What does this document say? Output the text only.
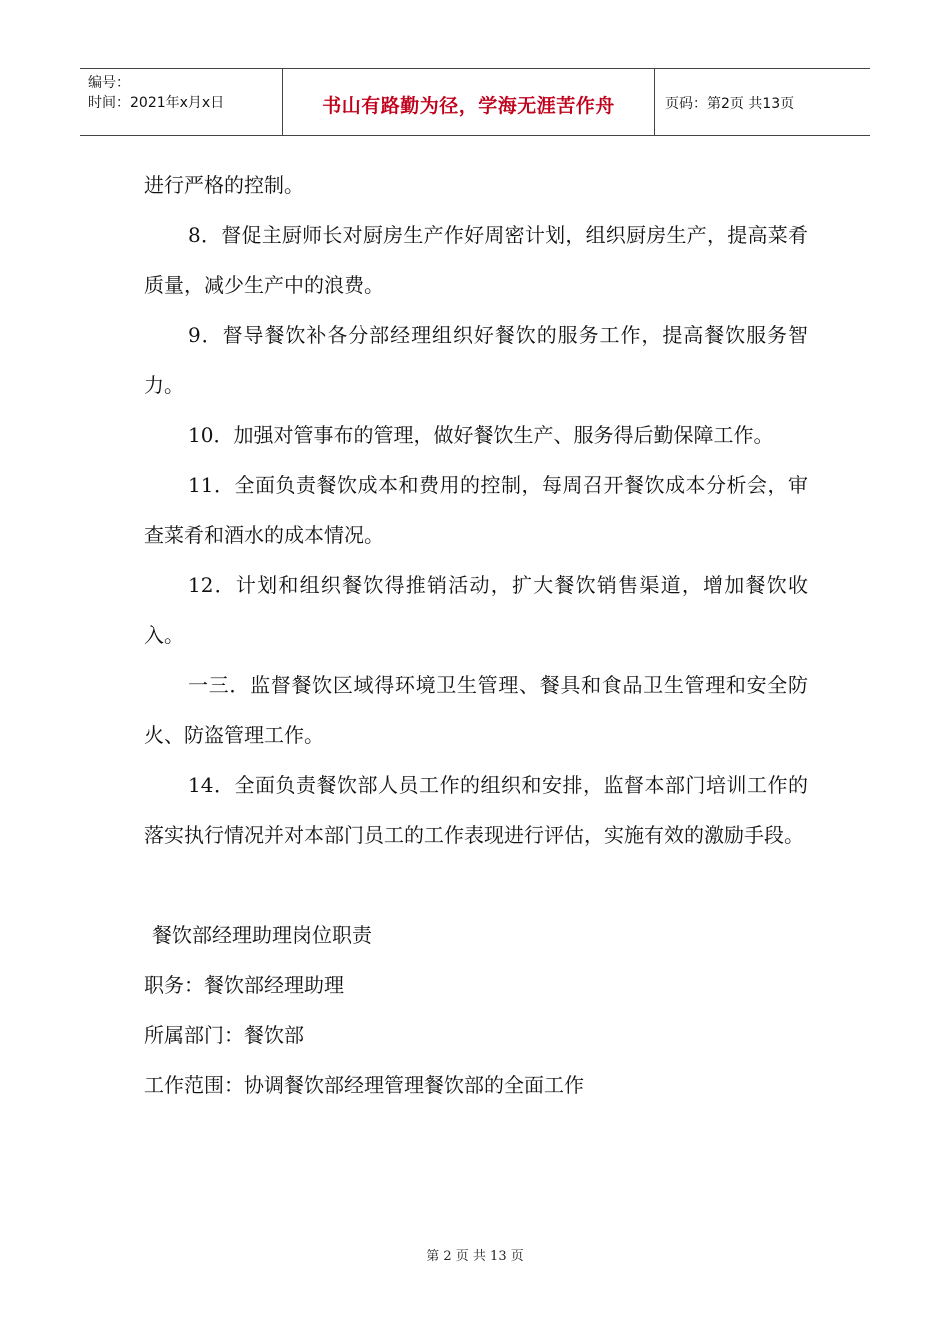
编号：
时间：2021年x月x日	书山有路勤为径，学海无涯苦作舟	页码：第2页 共13页

进行严格的控制。

8．督促主厨师长对厨房生产作好周密计划，组织厨房生产，提高菜肴质量，减少生产中的浪费。

9．督导餐饮补各分部经理组织好餐饮的服务工作，提高餐饮服务智力。

10．加强对管事布的管理，做好餐饮生产、服务得后勤保障工作。

11．全面负责餐饮成本和费用的控制，每周召开餐饮成本分析会，审查菜肴和酒水的成本情况。

12．计划和组织餐饮得推销活动，扩大餐饮销售渠道，增加餐饮收入。

一三．监督餐饮区域得环境卫生管理、餐具和食品卫生管理和安全防火、防盗管理工作。

14．全面负责餐饮部人员工作的组织和安排，监督本部门培训工作的落实执行情况并对本部门员工的工作表现进行评估，实施有效的激励手段。

餐饮部经理助理岗位职责

职务：餐饮部经理助理

所属部门：餐饮部

工作范围：协调餐饮部经理管理餐饮部的全面工作

第 2 页 共 13 页
